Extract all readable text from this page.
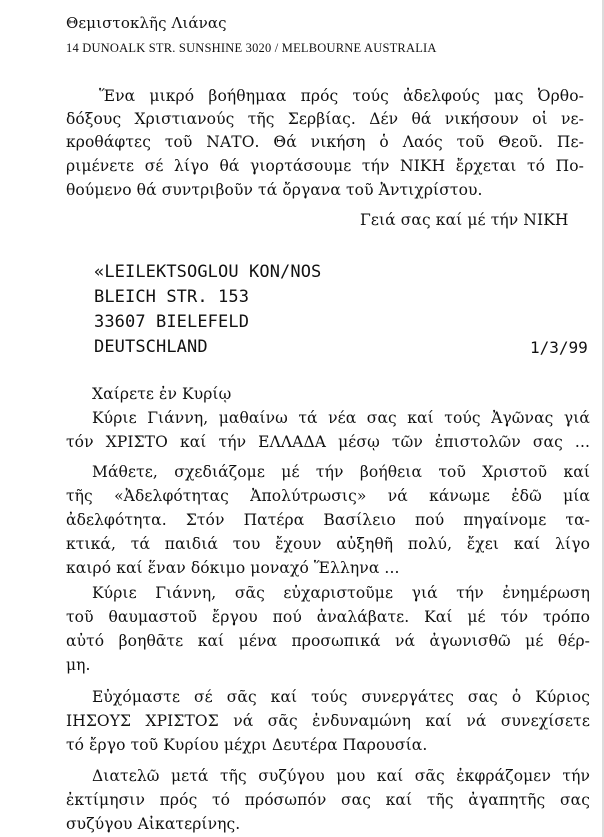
Θεμιστοκλῆς Λιάνας
14 DUNOALK STR. SUNSHINE 3020 / MELBOURNE AUSTRALIA
Ἕνα μικρό βοήθημαα πρός τούς ἀδελφούς μας Ὀρθο-
δόξους Χριστιανούς τῆς Σερβίας. Δέν θά νικήσουν οἱ νε-
κροθάφτες τοῦ ΝΑΤΟ. Θά νικήση ὁ Λαός τοῦ Θεοῦ. Πε-
ριμένετε σέ λίγο θά γιορτάσουμε τήν ΝΙΚΗ ἔρχεται τό Πο-
θούμενο θά συντριβοῦν τά ὄργανα τοῦ Ἀντιχρίστου.
Γειά σας καί μέ τήν ΝΙΚΗ
«LEILEKTSOGLOU KON/NOS
BLEICH STR. 153
33607 BIELEFELD
DEUTSCHLAND	1/3/99
Χαίρετε ἐν Κυρίῳ
Κύριε Γιάννη, μαθαίνω τά νέα σας καί τούς Ἀγῶνας γιά
τόν ΧΡΙΣΤΟ καί τήν ΕΛΛΑΔΑ μέσῳ τῶν ἐπιστολῶν σας ...
Μάθετε, σχεδιάζομε μέ τήν βοήθεια τοῦ Χριστοῦ καί
τῆς «Ἀδελφότητας Ἀπολύτρωσις» νά κάνωμε ἐδῶ μία
ἀδελφότητα. Στόν Πατέρα Βασίλειο πού πηγαίνομε τα-
κτικά, τά παιδιά του ἔχουν αὐξηθῆ πολύ, ἔχει καί λίγο
καιρό καί ἕναν δόκιμο μοναχό Ἕλληνα ...
Κύριε Γιάννη, σᾶς εὐχαριστοῦμε γιά τήν ἐνημέρωση
τοῦ θαυμαστοῦ ἔργου πού ἀναλάβατε. Καί μέ τόν τρόπο
αὐτό βοηθᾶτε καί μένα προσωπικά νά ἀγωνισθῶ μέ θέρ-
μη.
Εὐχόμαστε σέ σᾶς καί τούς συνεργάτες σας ὁ Κύριος
ΙΗΣΟΥΣ ΧΡΙΣΤΟΣ νά σᾶς ἐνδυναμώνη καί νά συνεχίσετε
τό ἔργο τοῦ Κυρίου μέχρι Δευτέρα Παρουσία.
Διατελῶ μετά τῆς συζύγου μου καί σᾶς ἐκφράζομεν τήν
ἐκτίμησιν πρός τό πρόσωπόν σας καί τῆς ἀγαπητῆς σας
συζύγου Αἰκατερίνης.
